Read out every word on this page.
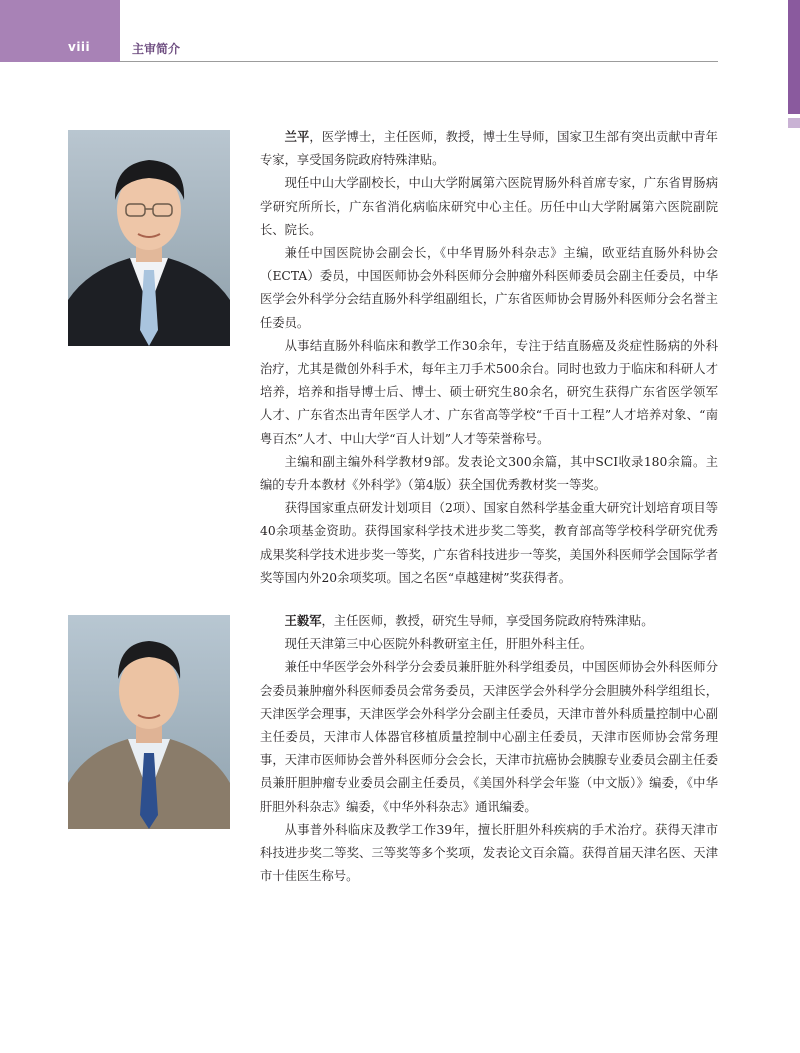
viii	主审简介

兰平，医学博士，主任医师，教授，博士生导师，国家卫生部有突出贡献中青年专家，享受国务院政府特殊津贴。

现任中山大学副校长，中山大学附属第六医院胃肠外科首席专家，广东省胃肠病学研究所所长，广东省消化病临床研究中心主任。历任中山大学附属第六医院副院长、院长。

兼任中国医院协会副会长，《中华胃肠外科杂志》主编，欧亚结直肠外科协会（ECTA）委员，中国医师协会外科医师分会肿瘤外科医师委员会副主任委员，中华医学会外科学分会结直肠外科学组副组长，广东省医师协会胃肠外科医师分会名誉主任委员。

从事结直肠外科临床和教学工作30余年，专注于结直肠癌及炎症性肠病的外科治疗，尤其是微创外科手术，每年主刀手术500余台。同时也致力于临床和科研人才培养，培养和指导博士后、博士、硕士研究生80余名，研究生获得广东省医学领军人才、广东省杰出青年医学人才、广东省高等学校“千百十工程”人才培养对象、“南粤百杰”人才、中山大学“百人计划”人才等荣誉称号。

主编和副主编外科学教材9部。发表论文300余篇，其中SCI收录180余篇。主编的专升本教材《外科学》（第4版）获全国优秀教材奖一等奖。

获得国家重点研发计划项目（2项）、国家自然科学基金重大研究计划培育项目等40余项基金资助。获得国家科学技术进步奖二等奖，教育部高等学校科学研究优秀成果奖科学技术进步奖一等奖，广东省科技进步一等奖，美国外科医师学会国际学者奖等国内外20余项奖项。国之名医“卓越建树”奖获得者。

王毅军，主任医师，教授，研究生导师，享受国务院政府特殊津贴。

现任天津第三中心医院外科教研室主任，肝胆外科主任。

兼任中华医学会外科学分会委员兼肝脏外科学组委员，中国医师协会外科医师分会委员兼肿瘤外科医师委员会常务委员，天津医学会外科学分会胆胰外科学组组长，天津医学会理事，天津医学会外科学分会副主任委员，天津市普外科质量控制中心副主任委员，天津市人体器官移植质量控制中心副主任委员，天津市医师协会常务理事，天津市医师协会普外科医师分会会长，天津市抗癌协会胰腺专业委员会副主任委员兼肝胆肿瘤专业委员会副主任委员，《美国外科学会年鉴（中文版）》编委，《中华肝胆外科杂志》编委，《中华外科杂志》通讯编委。

从事普外科临床及教学工作39年，擅长肝胆外科疾病的手术治疗。获得天津市科技进步奖二等奖、三等奖等多个奖项，发表论文百余篇。获得首届天津名医、天津市十佳医生称号。
